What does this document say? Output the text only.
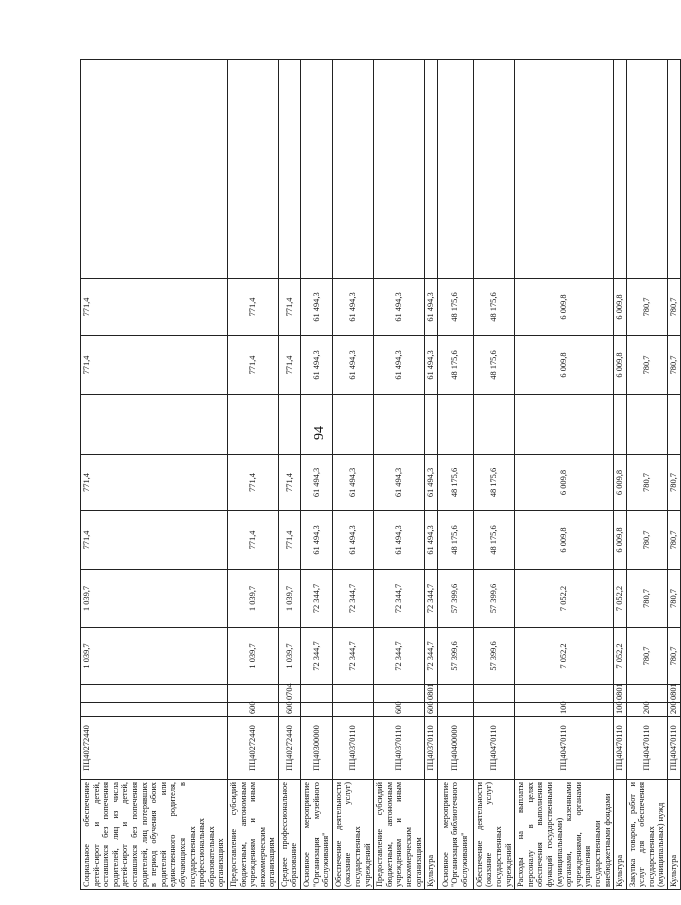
94
Социальное обеспечение детей-сирот и детей, оставшихся без попечения родителей, лиц из числа детей-сирот и детей, оставшихся без попечения родителей, лиц потерявших в период обучения обоих родителей или единственного родителя, обучающихся в государственных профессиональных образовательных организациях	ПЦ40272440			1 039,7	1 039,7	771,4	771,4		771,4	771,4	
Предоставление субсидий бюджетным, автономным учреждениям и иным некоммерческим организациям	ПЦ40272440	600		1 039,7	1 039,7	771,4	771,4		771,4	771,4	
Среднее профессиональное образование	ПЦ40272440	600	0704	1 039,7	1 039,7	771,4	771,4		771,4	771,4	
Основное мероприятие "Организация музейного обслуживания"	ПЦ40300000			72 344,7	72 344,7	61 494,3	61 494,3		61 494,3	61 494,3	
Обеспечение деятельности (оказание услуг) государственных учреждений	ПЦ40370110			72 344,7	72 344,7	61 494,3	61 494,3		61 494,3	61 494,3	
Предоставление субсидий бюджетным, автономным учреждениям и иным некоммерческим организациям	ПЦ40370110	600		72 344,7	72 344,7	61 494,3	61 494,3		61 494,3	61 494,3	
Культура	ПЦ40370110	600	0801	72 344,7	72 344,7	61 494,3	61 494,3		61 494,3	61 494,3	
Основное мероприятие "Организация библиотечного обслуживания"	ПЦ40400000			57 399,6	57 399,6	48 175,6	48 175,6		48 175,6	48 175,6	
Обеспечение деятельности (оказание услуг) государственных учреждений	ПЦ40470110			57 399,6	57 399,6	48 175,6	48 175,6		48 175,6	48 175,6	
Расходы на выплаты персоналу в целях обеспечения выполнения функций государственными (муниципальными) органами, казенными учреждениями, органами управления государственными внебюджетными фондами	ПЦ40470110	100		7 052,2	7 052,2	6 009,8	6 009,8		6 009,8	6 009,8	
Культура	ПЦ40470110	100	0801	7 052,2	7 052,2	6 009,8	6 009,8		6 009,8	6 009,8	
Закупка товаров, работ и услуг для обеспечения государственных (муниципальных) нужд	ПЦ40470110	200		780,7	780,7	780,7	780,7		780,7	780,7	
Культура	ПЦ40470110	200	0801	780,7	780,7	780,7	780,7		780,7	780,7	
